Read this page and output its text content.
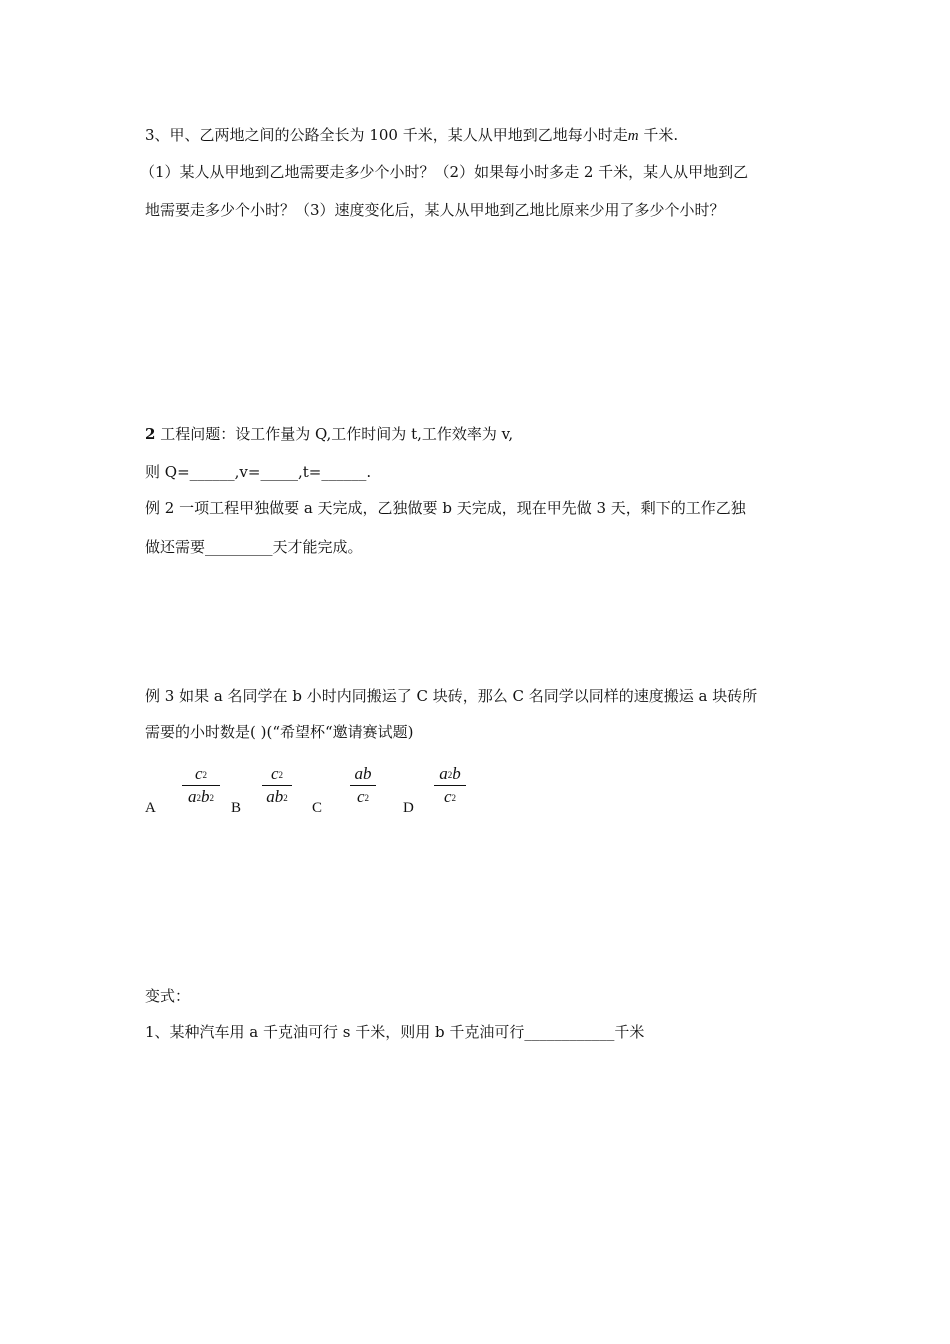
3、甲、乙两地之间的公路全长为 100 千米，某人从甲地到乙地每小时走m 千米.
（1）某人从甲地到乙地需要走多少个小时？（2）如果每小时多走 2 千米，某人从甲地到乙
地需要走多少个小时？（3）速度变化后，某人从甲地到乙地比原来少用了多少个小时？
2 工程问题：设工作量为 Q,工作时间为 t,工作效率为 v,
则 Q=______,v=_____,t=______.
例 2 一项工程甲独做要 a 天完成，乙独做要 b 天完成，现在甲先做 3 天，剩下的工作乙独
做还需要_________天才能完成。
例 3 如果 a 名同学在 b 小时内同搬运了 C 块砖，那么 C 名同学以同样的速度搬运 a 块砖所
需要的小时数是( )(“希望杯“邀请赛试题)
A
$c^2$
$a^2b^2$
B
$c^2$
$ab^2$
C
ab
$c^2$
D
$a^2b$
$c^2$
变式：
1、某种汽车用 a 千克油可行 s 千米，则用 b 千克油可行____________千米
